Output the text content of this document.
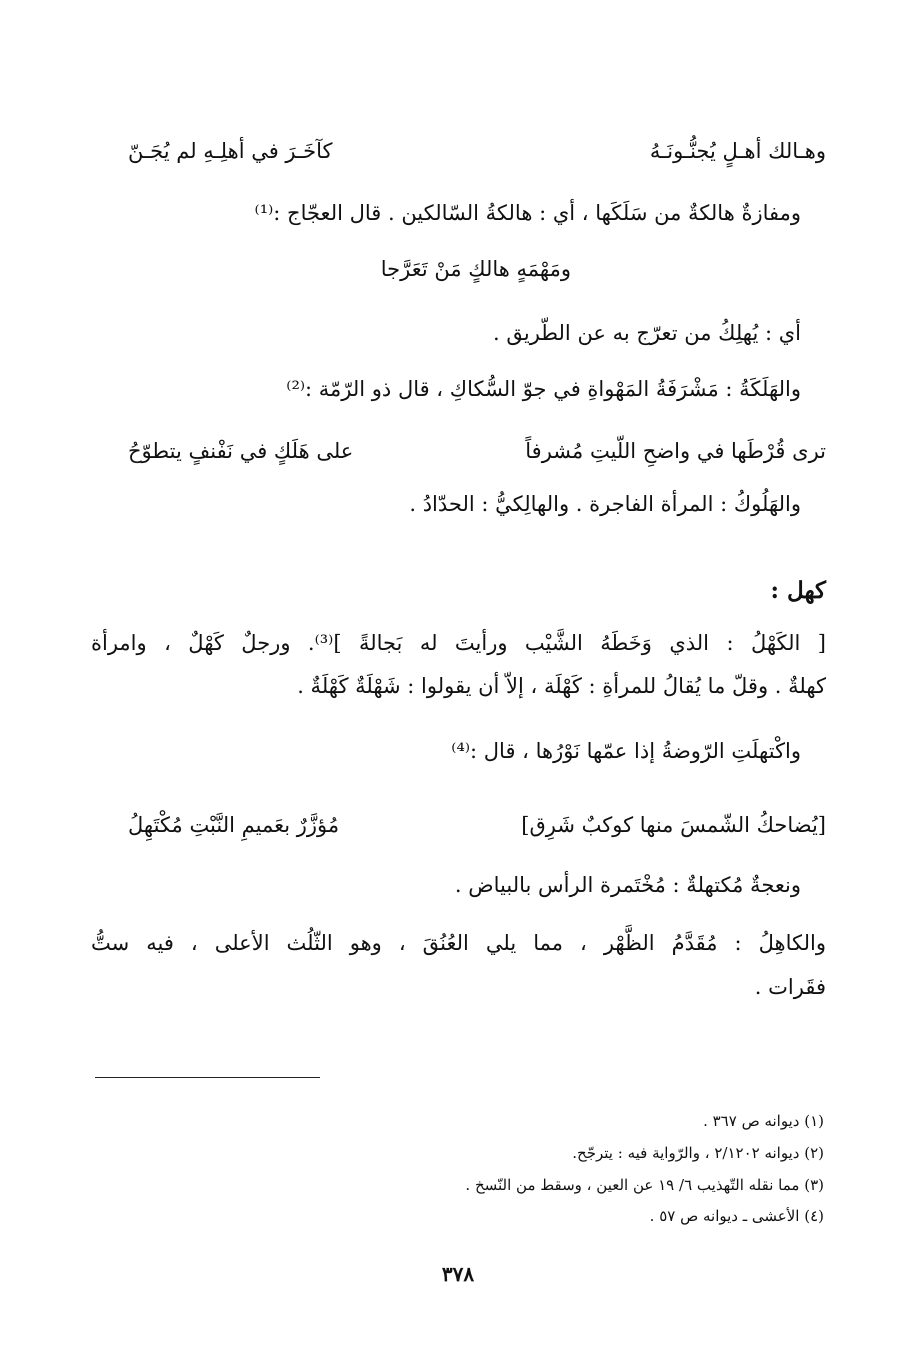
وهـالك أهـلٍ يُجنُّـونَـهُ
كآخَـرَ في أهلِـهِ لم يُجَـنّ
ومفازةٌ هالكةٌ من سَلَكَها ، أي : هالكةُ السّالكين . قال العجّاج :⁽¹⁾
ومَهْمَهٍ هالكٍ مَنْ تَعَرَّجا
أي : يُهلِكُ من تعرّج به عن الطّريق .
والهَلَكَةُ : مَشْرَفَةُ المَهْواةِ في جوّ السُّكاكِ ، قال ذو الرّمّة :⁽²⁾
ترى قُرْطَها في واضحِ اللّيتِ مُشرفاً
على هَلَكٍ في نَفْنفٍ يتطوّحُ
والهَلُوكُ : المرأة الفاجرة . والهالِكيُّ : الحدّادُ .
كهل :
[ الكَهْلُ : الذي وَخَطَهُ الشَّيْب ورأيتَ له بَجالةً ]⁽³⁾. ورجلٌ كَهْلٌ ، وامرأة
كهلةٌ . وقلّ ما يُقالُ للمرأةِ : كَهْلَة ، إلاّ أن يقولوا : شَهْلَةٌ كَهْلَةٌ .
واكْتهلَتِ الرّوضةُ إذا عمّها نَوْرُها ، قال :⁽⁴⁾
[يُضاحكُ الشّمسَ منها كوكبٌ شَرِق]
مُؤزَّرٌ بعَميمِ النَّبْتِ مُكْتَهِلُ
ونعجةٌ مُكتهلةٌ : مُخْتَمرة الرأس بالبياض .
والكاهِلُ : مُقَدَّمُ الظَّهْر ، مما يلي العُنُقَ ، وهو الثّلُث الأعلى ، فيه ستُّ
فقَرات .
(١) ديوانه ص ٣٦٧ .
(٢) ديوانه ٢/١٢٠٢ ، والرّواية فيه : يترجّح.
(٣) مما نقله التّهذيب ٦/ ١٩ عن العين ، وسقط من النّسخ .
(٤) الأعشى ـ ديوانه ص ٥٧ .
٣٧٨
